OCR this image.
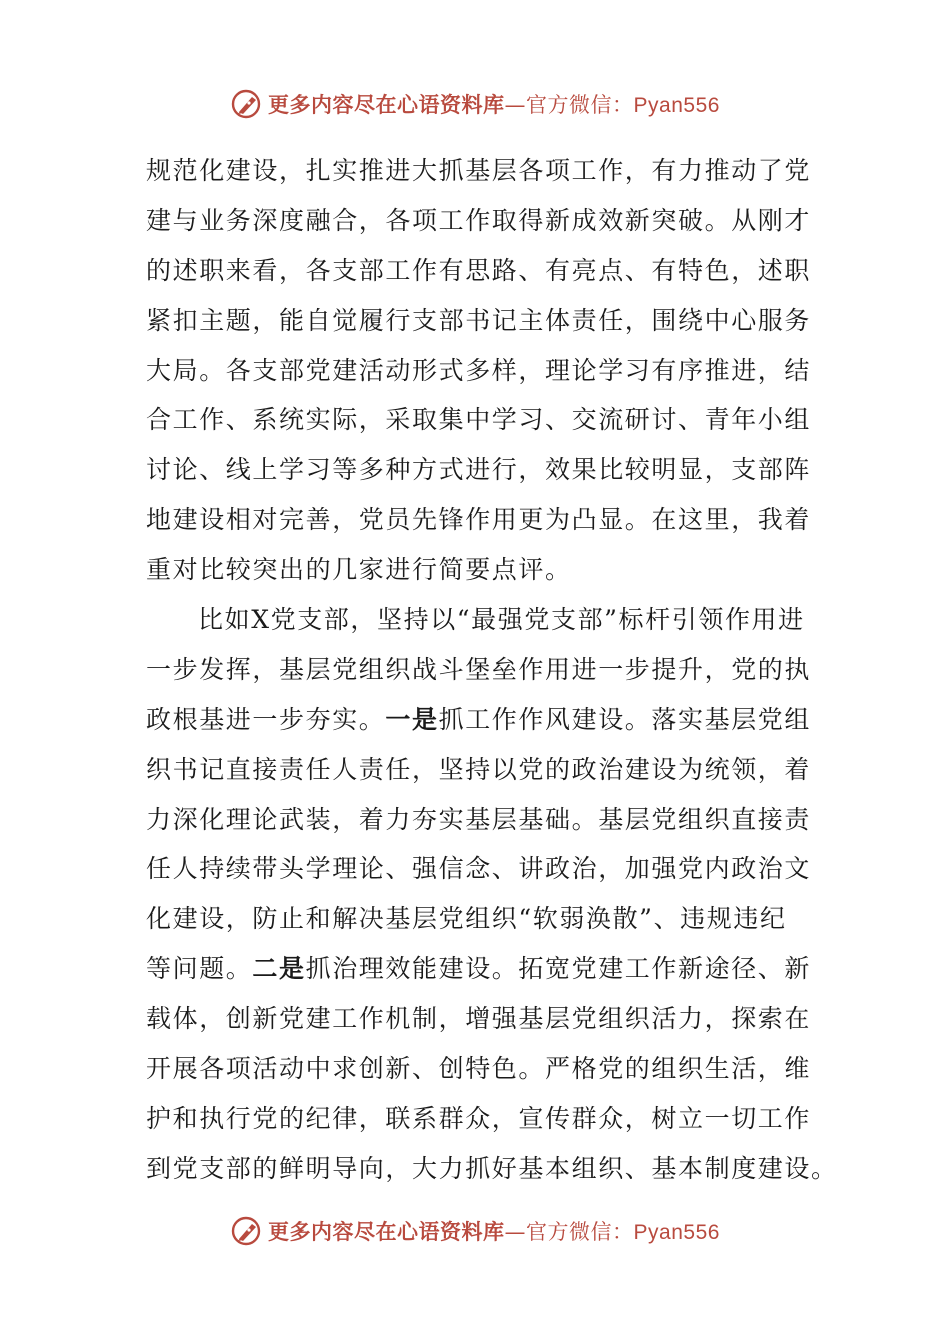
更多内容尽在心语资料库—官方微信：Pyan556
规范化建设，扎实推进大抓基层各项工作，有力推动了党
建与业务深度融合，各项工作取得新成效新突破。从刚才
的述职来看，各支部工作有思路、有亮点、有特色，述职
紧扣主题，能自觉履行支部书记主体责任，围绕中心服务
大局。各支部党建活动形式多样，理论学习有序推进，结
合工作、系统实际，采取集中学习、交流研讨、青年小组
讨论、线上学习等多种方式进行，效果比较明显，支部阵
地建设相对完善，党员先锋作用更为凸显。在这里，我着
重对比较突出的几家进行简要点评。
比如X党支部，坚持以“最强党支部”标杆引领作用进
一步发挥，基层党组织战斗堡垒作用进一步提升，党的执
政根基进一步夯实。一是抓工作作风建设。落实基层党组
织书记直接责任人责任，坚持以党的政治建设为统领，着
力深化理论武装，着力夯实基层基础。基层党组织直接责
任人持续带头学理论、强信念、讲政治，加强党内政治文
化建设，防止和解决基层党组织“软弱涣散”、违规违纪
等问题。二是抓治理效能建设。拓宽党建工作新途径、新
载体，创新党建工作机制，增强基层党组织活力，探索在
开展各项活动中求创新、创特色。严格党的组织生活，维
护和执行党的纪律，联系群众，宣传群众，树立一切工作
到党支部的鲜明导向，大力抓好基本组织、基本制度建设。
更多内容尽在心语资料库—官方微信：Pyan556
